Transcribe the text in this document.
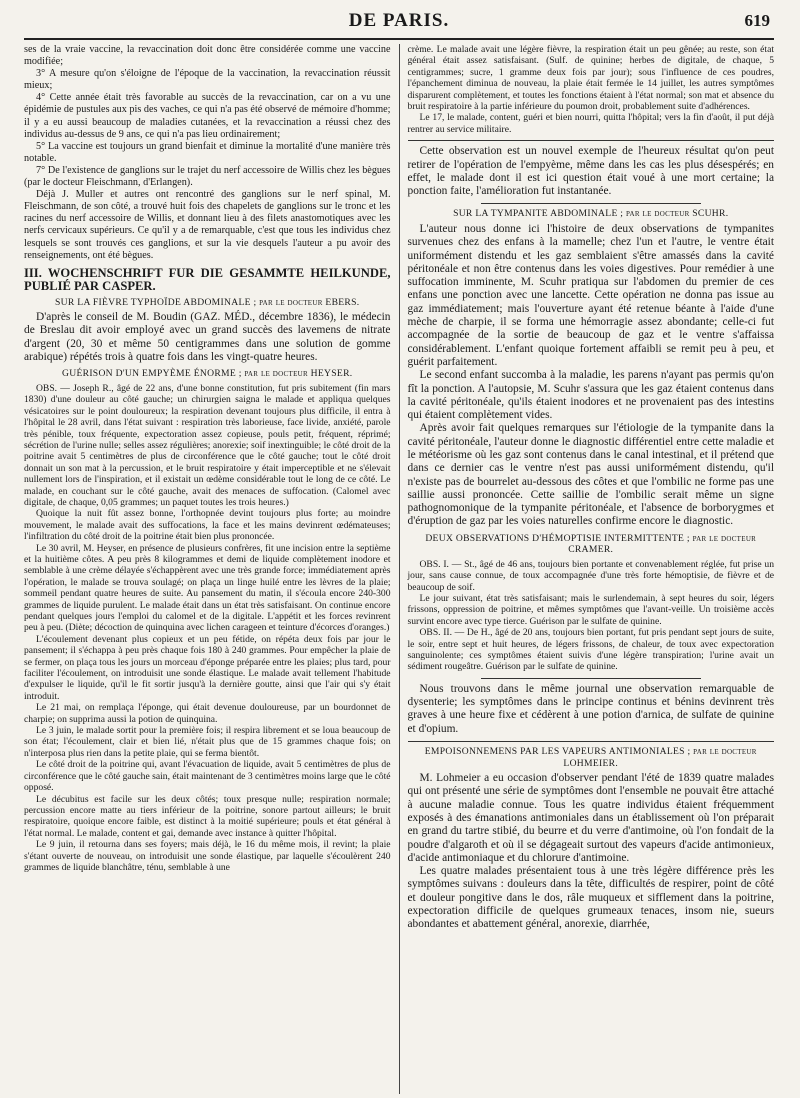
DE PARIS.	619

ses de la vraie vaccine, la revaccination doit donc être considérée comme une vaccine modifiée;

3° A mesure qu'on s'éloigne de l'époque de la vaccination, la revaccination réussit mieux;

4° Cette année était très favorable au succès de la revaccination, car on a vu une épidémie de pustules aux pis des vaches, ce qui n'a pas été observé de mémoire d'homme; il y a eu aussi beaucoup de maladies cutanées, et la revaccination a réussi chez des individus au-dessus de 9 ans, ce qui n'a pas lieu ordinairement;

5° La vaccine est toujours un grand bienfait et diminue la mortalité d'une manière très notable.

7° De l'existence de ganglions sur le trajet du nerf accessoire de Willis chez les bègues (par le docteur Fleischmann, d'Erlangen).

Déjà J. Muller et autres ont rencontré des ganglions sur le nerf spinal, M. Fleischmann, de son côté, a trouvé huit fois des chapelets de ganglions sur le tronc et les racines du nerf accessoire de Willis, et donnant lieu à des filets anastomotiques avec les nerfs cervicaux supérieurs. Ce qu'il y a de remarquable, c'est que tous les individus chez lesquels se sont trouvés ces ganglions, et sur la vie desquels l'auteur a pu avoir des renseignements, ont été bègues.

III. WOCHENSCHRIFT FUR DIE GESAMMTE HEILKUNDE, PUBLIÉ PAR CASPER.
SUR LA FIÈVRE TYPHOÏDE ABDOMINALE ; par le docteur EBERS.

D'après le conseil de M. Boudin (GAZ. MÉD., décembre 1836), le médecin de Breslau dit avoir employé avec un grand succès des lavemens de nitrate d'argent (20, 30 et même 50 centigrammes dans une solution de gomme arabique) répétés trois à quatre fois dans les vingt-quatre heures.

GUÉRISON D'UN EMPYÈME ÉNORME ; par le docteur HEYSER.

OBS. — Joseph R., âgé de 22 ans, d'une bonne constitution, fut pris subitement (fin mars 1830) d'une douleur au côté gauche; un chirurgien saigna le malade et appliqua quelques vésicatoires sur le point douloureux; la respiration devenant toujours plus difficile, il entra à l'hôpital le 28 avril, dans l'état suivant : respiration très laborieuse, face livide, anxiété, parole très pénible, toux fréquente, expectoration assez copieuse, pouls petit, fréquent, réprimé; sécrétion de l'urine nulle; selles assez régulières; anorexie; soif inextinguible; le côté droit de la poitrine avait 5 centimètres de plus de circonférence que le côté gauche; tout le côté droit donnait un son mat à la percussion, et le bruit respiratoire y était imperceptible et ne s'élevait nullement lors de l'inspiration, et il existait un œdème considérable tout le long de ce côté. Le malade, en couchant sur le côté gauche, avait des menaces de suffocation. (Calomel avec digitale, de chaque, 0,05 grammes; un paquet toutes les trois heures.)

Quoique la nuit fût assez bonne, l'orthopnée devint toujours plus forte; au moindre mouvement, le malade avait des suffocations, la face et les mains devinrent œdémateuses; l'infiltration du côté droit de la poitrine était bien plus prononcée.

Le 30 avril, M. Heyser, en présence de plusieurs confrères, fit une incision entre la septième et la huitième côtes. A peu près 8 kilogrammes et demi de liquide complètement inodore et semblable à une crème délayée s'échappèrent avec une très grande force; immédiatement après l'opération, le malade se trouva soulagé; on plaça un linge huilé entre les lèvres de la plaie; sommeil pendant quatre heures de suite. Au pansement du matin, il s'écoula encore 240-300 grammes de liquide purulent. Le malade était dans un état très satisfaisant. On continue encore pendant quelques jours l'emploi du calomel et de la digitale. L'appétit et les forces revinrent peu à peu. (Diète; décoction de quinquina avec lichen carageen et teinture d'écorces d'oranges.)

L'écoulement devenant plus copieux et un peu fétide, on répéta deux fois par jour le pansement; il s'échappa à peu près chaque fois 180 à 240 grammes. Pour empêcher la plaie de se fermer, on plaça tous les jours un morceau d'éponge préparée entre les plaies; plus tard, pour faciliter l'écoulement, on introduisit une sonde élastique. Le malade avait tellement l'habitude d'expulser le liquide, qu'il le fit sortir jusqu'à la dernière goutte, ainsi que l'air qui s'y était introduit.

Le 21 mai, on remplaça l'éponge, qui était devenue douloureuse, par un bourdonnet de charpie; on supprima aussi la potion de quinquina.

Le 3 juin, le malade sortit pour la première fois; il respira librement et se loua beaucoup de son état; l'écoulement, clair et bien lié, n'était plus que de 15 grammes chaque fois; on n'interposa plus rien dans la petite plaie, qui se ferma bientôt.

Le côté droit de la poitrine qui, avant l'évacuation de liquide, avait 5 centimètres de plus de circonférence que le côté gauche sain, était maintenant de 3 centimètres moins large que le côté opposé.

Le décubitus est facile sur les deux côtés; toux presque nulle; respiration normale; percussion encore matte au tiers inférieur de la poitrine, sonore partout ailleurs; le bruit respiratoire, quoique encore faible, est distinct à la moitié supérieure; pouls et état général à l'état normal. Le malade, content et gai, demande avec instance à quitter l'hôpital.

Le 9 juin, il retourna dans ses foyers; mais déjà, le 16 du même mois, il revint; la plaie s'étant ouverte de nouveau, on introduisit une sonde élastique, par laquelle s'écoulèrent 240 grammes de liquide blanchâtre, ténu, semblable à une

crème. Le malade avait une légère fièvre, la respiration était un peu gênée; au reste, son état général était assez satisfaisant. (Sulf. de quinine; herbes de digitale, de chaque, 5 centigrammes; sucre, 1 gramme deux fois par jour); sous l'influence de ces poudres, l'épanchement diminua de nouveau, la plaie était fermée le 14 juillet, les autres symptômes disparurent complètement, et toutes les fonctions étaient à l'état normal; son mat et absence du bruit respiratoire à la partie inférieure du poumon droit, probablement suite d'adhérences.

Le 17, le malade, content, guéri et bien nourri, quitta l'hôpital; vers la fin d'août, il put déjà rentrer au service militaire.

Cette observation est un nouvel exemple de l'heureux résultat qu'on peut retirer de l'opération de l'empyème, même dans les cas les plus désespérés; en effet, le malade dont il est ici question était voué à une mort certaine; la ponction faite, l'amélioration fut instantanée.

SUR LA TYMPANITE ABDOMINALE ; par le docteur SCUHR.

L'auteur nous donne ici l'histoire de deux observations de tympanites survenues chez des enfans à la mamelle; chez l'un et l'autre, le ventre était uniformément distendu et les gaz semblaient s'être amassés dans la cavité péritonéale et non être contenus dans les voies digestives. Pour remédier à une suffocation imminente, M. Scuhr pratiqua sur l'abdomen du premier de ces enfans une ponction avec une lancette. Cette opération ne donna pas issue au gaz immédiatement; mais l'ouverture ayant été retenue béante à l'aide d'une mèche de charpie, il se forma une hémorragie assez abondante; celle-ci fut accompagnée de la sortie de beaucoup de gaz et le ventre s'affaissa considérablement. L'enfant quoique fortement affaibli se remit peu à peu, et guérit parfaitement.

Le second enfant succomba à la maladie, les parens n'ayant pas permis qu'on fît la ponction. A l'autopsie, M. Scuhr s'assura que les gaz étaient contenus dans la cavité péritonéale, qu'ils étaient inodores et ne provenaient pas des intestins qui étaient complètement vides.

Après avoir fait quelques remarques sur l'étiologie de la tympanite dans la cavité péritonéale, l'auteur donne le diagnostic différentiel entre cette maladie et le météorisme où les gaz sont contenus dans le canal intestinal, et il prétend que dans ce dernier cas le ventre n'est pas aussi uniformément distendu, qu'il n'existe pas de bourrelet au-dessous des côtes et que l'ombilic ne forme pas une saillie aussi prononcée. Cette saillie de l'ombilic serait même un signe pathognomonique de la tympanite péritonéale, et l'absence de borborygmes et d'éruption de gaz par les voies naturelles confirme encore le diagnostic.

DEUX OBSERVATIONS D'HÉMOPTISIE INTERMITTENTE ; par le docteur CRAMER.

OBS. I. — St., âgé de 46 ans, toujours bien portante et convenablement réglée, fut prise un jour, sans cause connue, de toux accompagnée d'une très forte hémoptisie, de fièvre et de beaucoup de soif.

Le jour suivant, état très satisfaisant; mais le surlendemain, à sept heures du soir, légers frissons, oppression de poitrine, et mêmes symptômes que l'avant-veille. Un troisième accès survint encore avec type tierce. Guérison par le sulfate de quinine.

OBS. II. — De H., âgé de 20 ans, toujours bien portant, fut pris pendant sept jours de suite, le soir, entre sept et huit heures, de légers frissons, de chaleur, de toux avec expectoration sanguinolente; ces symptômes étaient suivis d'une légère transpiration; l'urine avait un sédiment rougeâtre. Guérison par le sulfate de quinine.

Nous trouvons dans le même journal une observation remarquable de dysenterie; les symptômes dans le principe continus et bénins devinrent très graves à une heure fixe et cédèrent à une potion d'arnica, de sulfate de quinine et d'opium.

EMPOISONNEMENS PAR LES VAPEURS ANTIMONIALES ; par le docteur LOHMEIER.

M. Lohmeier a eu occasion d'observer pendant l'été de 1839 quatre malades qui ont présenté une série de symptômes dont l'ensemble ne pouvait être attaché à aucune maladie connue. Tous les quatre individus étaient fréquemment exposés à des émanations antimoniales dans un établissement où l'on préparait en grand du tartre stibié, du beurre et du verre d'antimoine, où l'on fondait de la poudre d'algaroth et où il se dégageait surtout des vapeurs d'acide antimonieux, d'acide antimoniaque et du chlorure d'antimoine.

Les quatre malades présentaient tous à une très légère différence près les symptômes suivans : douleurs dans la tête, difficultés de respirer, point de côté et douleur pongitive dans le dos, râle muqueux et sifflement dans la poitrine, expectoration difficile de quelques grumeaux tenaces, insom nie, sueurs abondantes et abattement général, anorexie, diarrhée,
